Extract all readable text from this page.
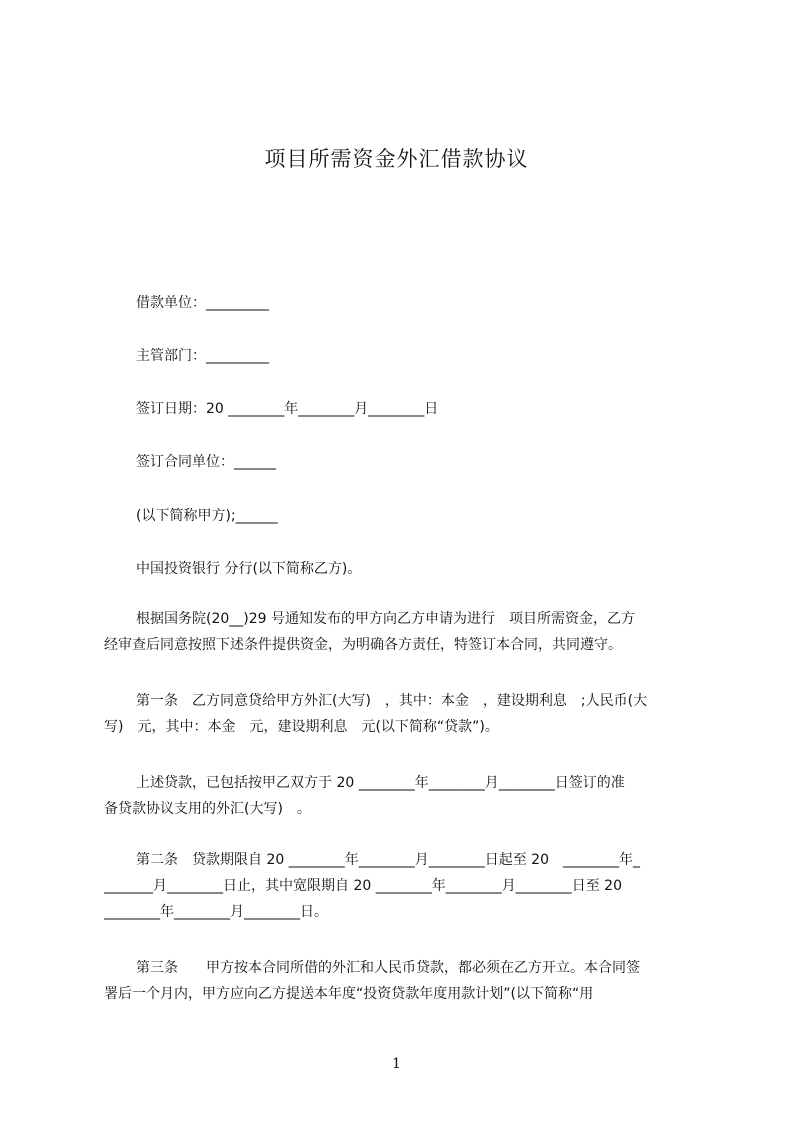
项目所需资金外汇借款协议
借款单位：_________
主管部门：_________
签订日期：20 ________年________月________日
签订合同单位：______
(以下简称甲方);______
中国投资银行 分行(以下简称乙方)。
根据国务院(20__)29 号通知发布的甲方向乙方申请为进行　项目所需资金，乙方
经审查后同意按照下述条件提供资金，为明确各方责任，特签订本合同，共同遵守。
第一条　乙方同意贷给甲方外汇(大写)　，其中：本金　，建设期利息　;人民币(大
写)　元，其中：本金　元，建设期利息　元(以下简称“贷款”)。
上述贷款，已包括按甲乙双方于 20 ________年________月________日签订的准
备贷款协议支用的外汇(大写)　。
第二条　贷款期限自 20 ________年________月________日起至 20　________年_
_______月________日止，其中宽限期自 20 ________年________月________日至 20
________年________月________日。
第三条　　甲方按本合同所借的外汇和人民币贷款，都必须在乙方开立。本合同签
署后一个月内，甲方应向乙方提送本年度“投资贷款年度用款计划”(以下简称“用
1
